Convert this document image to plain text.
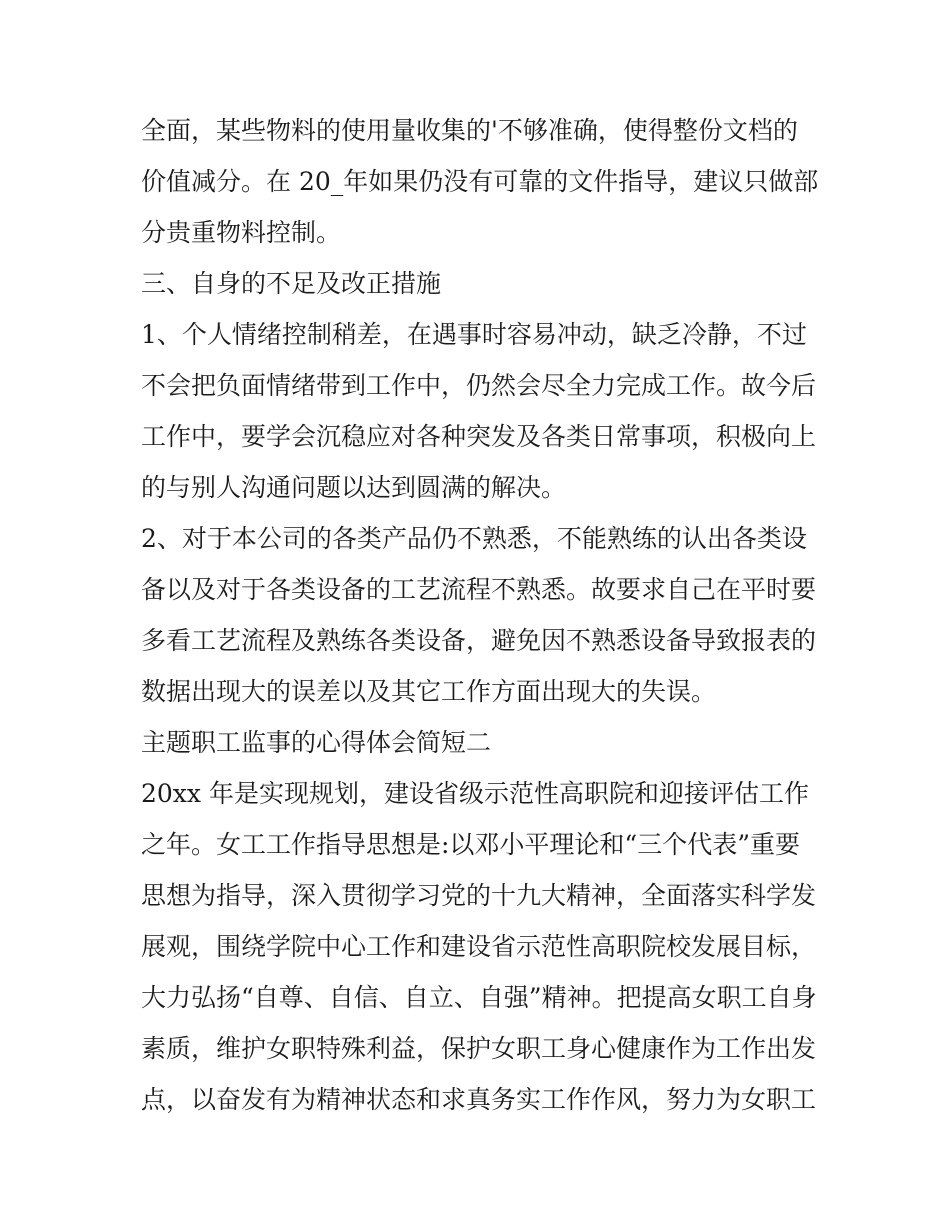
全面，某些物料的使用量收集的'不够准确，使得整份文档的
价值减分。在 20_年如果仍没有可靠的文件指导，建议只做部
分贵重物料控制。
三、自身的不足及改正措施
1、个人情绪控制稍差，在遇事时容易冲动，缺乏冷静，不过
不会把负面情绪带到工作中，仍然会尽全力完成工作。故今后
工作中，要学会沉稳应对各种突发及各类日常事项，积极向上
的与别人沟通问题以达到圆满的解决。
2、对于本公司的各类产品仍不熟悉，不能熟练的认出各类设
备以及对于各类设备的工艺流程不熟悉。故要求自己在平时要
多看工艺流程及熟练各类设备，避免因不熟悉设备导致报表的
数据出现大的误差以及其它工作方面出现大的失误。
主题职工监事的心得体会简短二
20xx 年是实现规划，建设省级示范性高职院和迎接评估工作
之年。女工工作指导思想是:以邓小平理论和“三个代表”重要
思想为指导，深入贯彻学习党的十九大精神，全面落实科学发
展观，围绕学院中心工作和建设省示范性高职院校发展目标，
大力弘扬“自尊、自信、自立、自强”精神。把提高女职工自身
素质，维护女职特殊利益，保护女职工身心健康作为工作出发
点，以奋发有为精神状态和求真务实工作作风，努力为女职工
